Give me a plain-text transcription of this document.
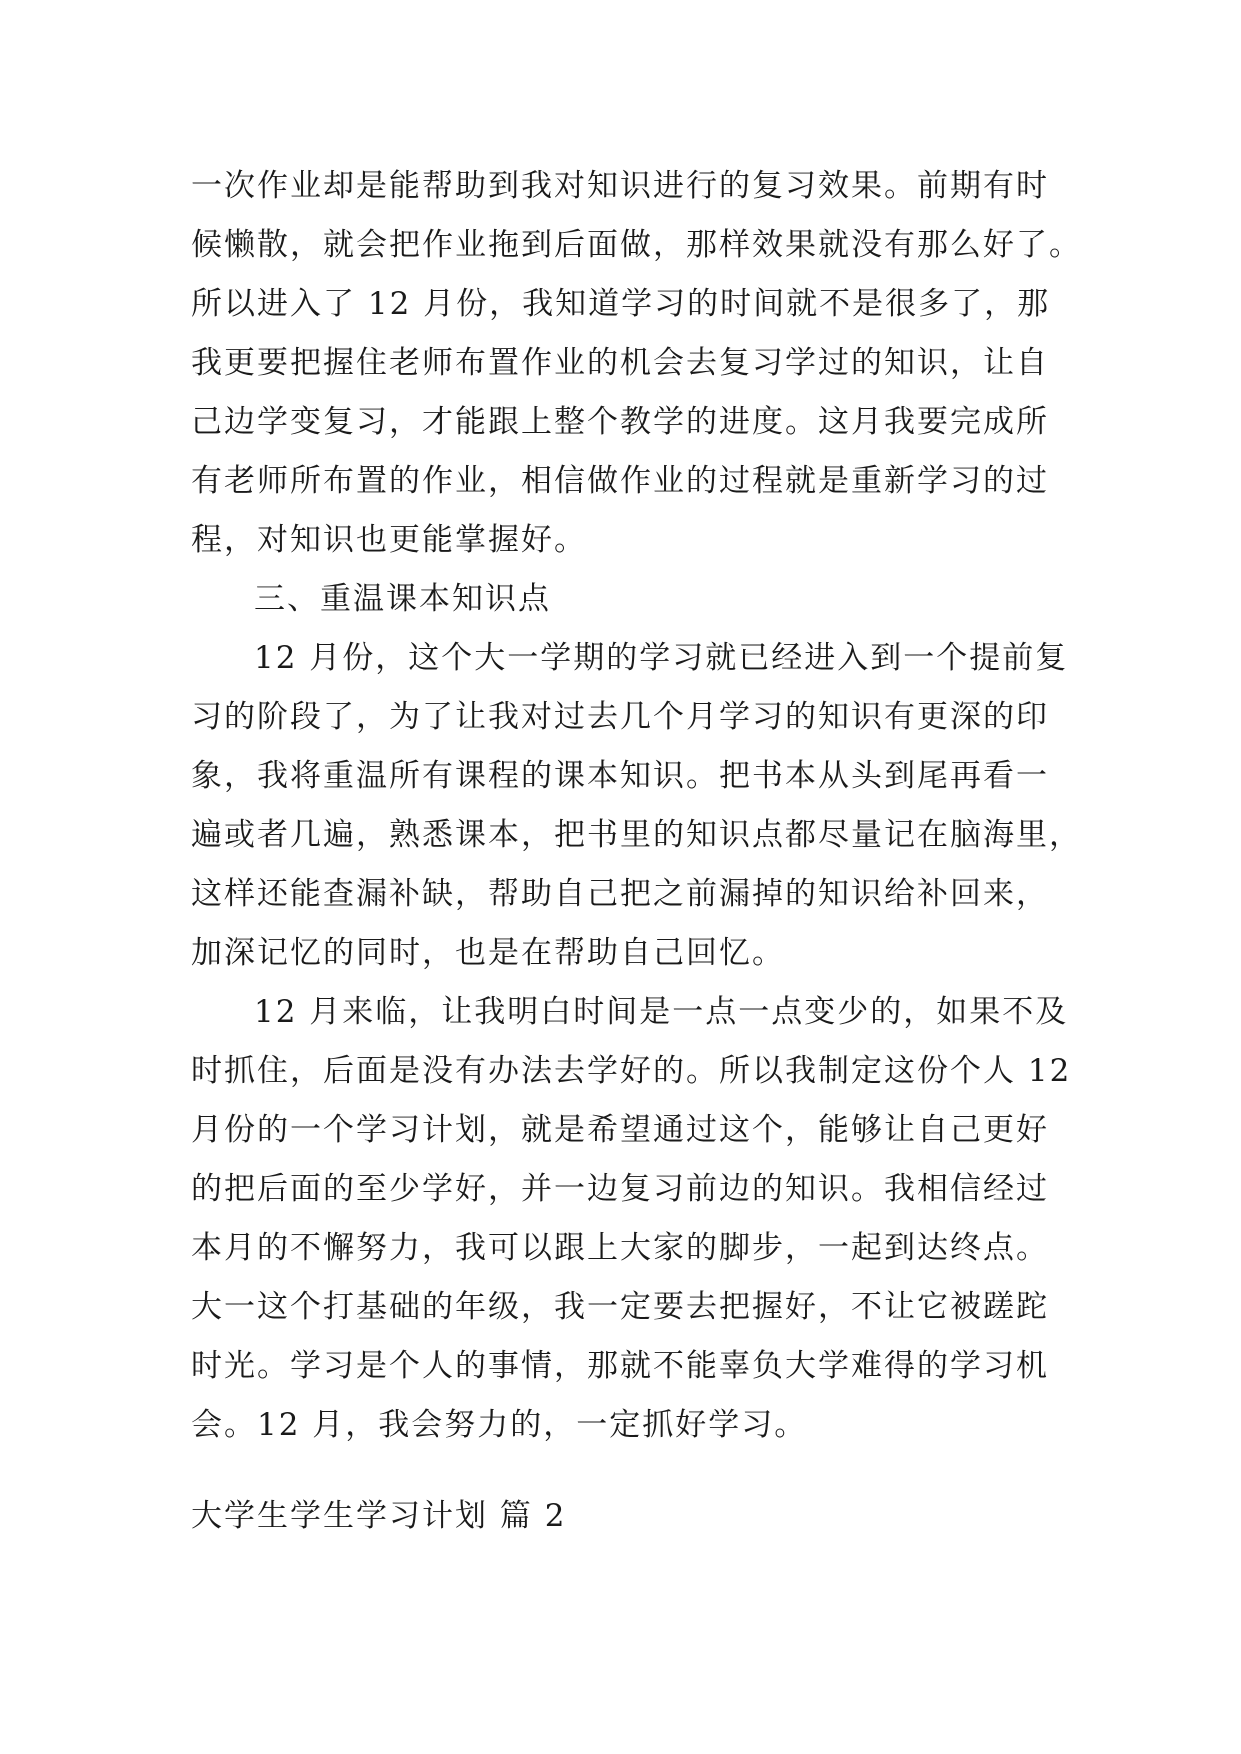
一次作业却是能帮助到我对知识进行的复习效果。前期有时

候懒散，就会把作业拖到后面做，那样效果就没有那么好了。

所以进入了 12 月份，我知道学习的时间就不是很多了，那

我更要把握住老师布置作业的机会去复习学过的知识，让自

己边学变复习，才能跟上整个教学的进度。这月我要完成所

有老师所布置的作业，相信做作业的过程就是重新学习的过

程，对知识也更能掌握好。

三、重温课本知识点

12 月份，这个大一学期的学习就已经进入到一个提前复

习的阶段了，为了让我对过去几个月学习的知识有更深的印

象，我将重温所有课程的课本知识。把书本从头到尾再看一

遍或者几遍，熟悉课本，把书里的知识点都尽量记在脑海里，

这样还能查漏补缺，帮助自己把之前漏掉的知识给补回来，

加深记忆的同时，也是在帮助自己回忆。

12 月来临，让我明白时间是一点一点变少的，如果不及

时抓住，后面是没有办法去学好的。所以我制定这份个人 12

月份的一个学习计划，就是希望通过这个，能够让自己更好

的把后面的至少学好，并一边复习前边的知识。我相信经过

本月的不懈努力，我可以跟上大家的脚步，一起到达终点。

大一这个打基础的年级，我一定要去把握好，不让它被蹉跎

时光。学习是个人的事情，那就不能辜负大学难得的学习机

会。12 月，我会努力的，一定抓好学习。

大学生学生学习计划 篇 2
